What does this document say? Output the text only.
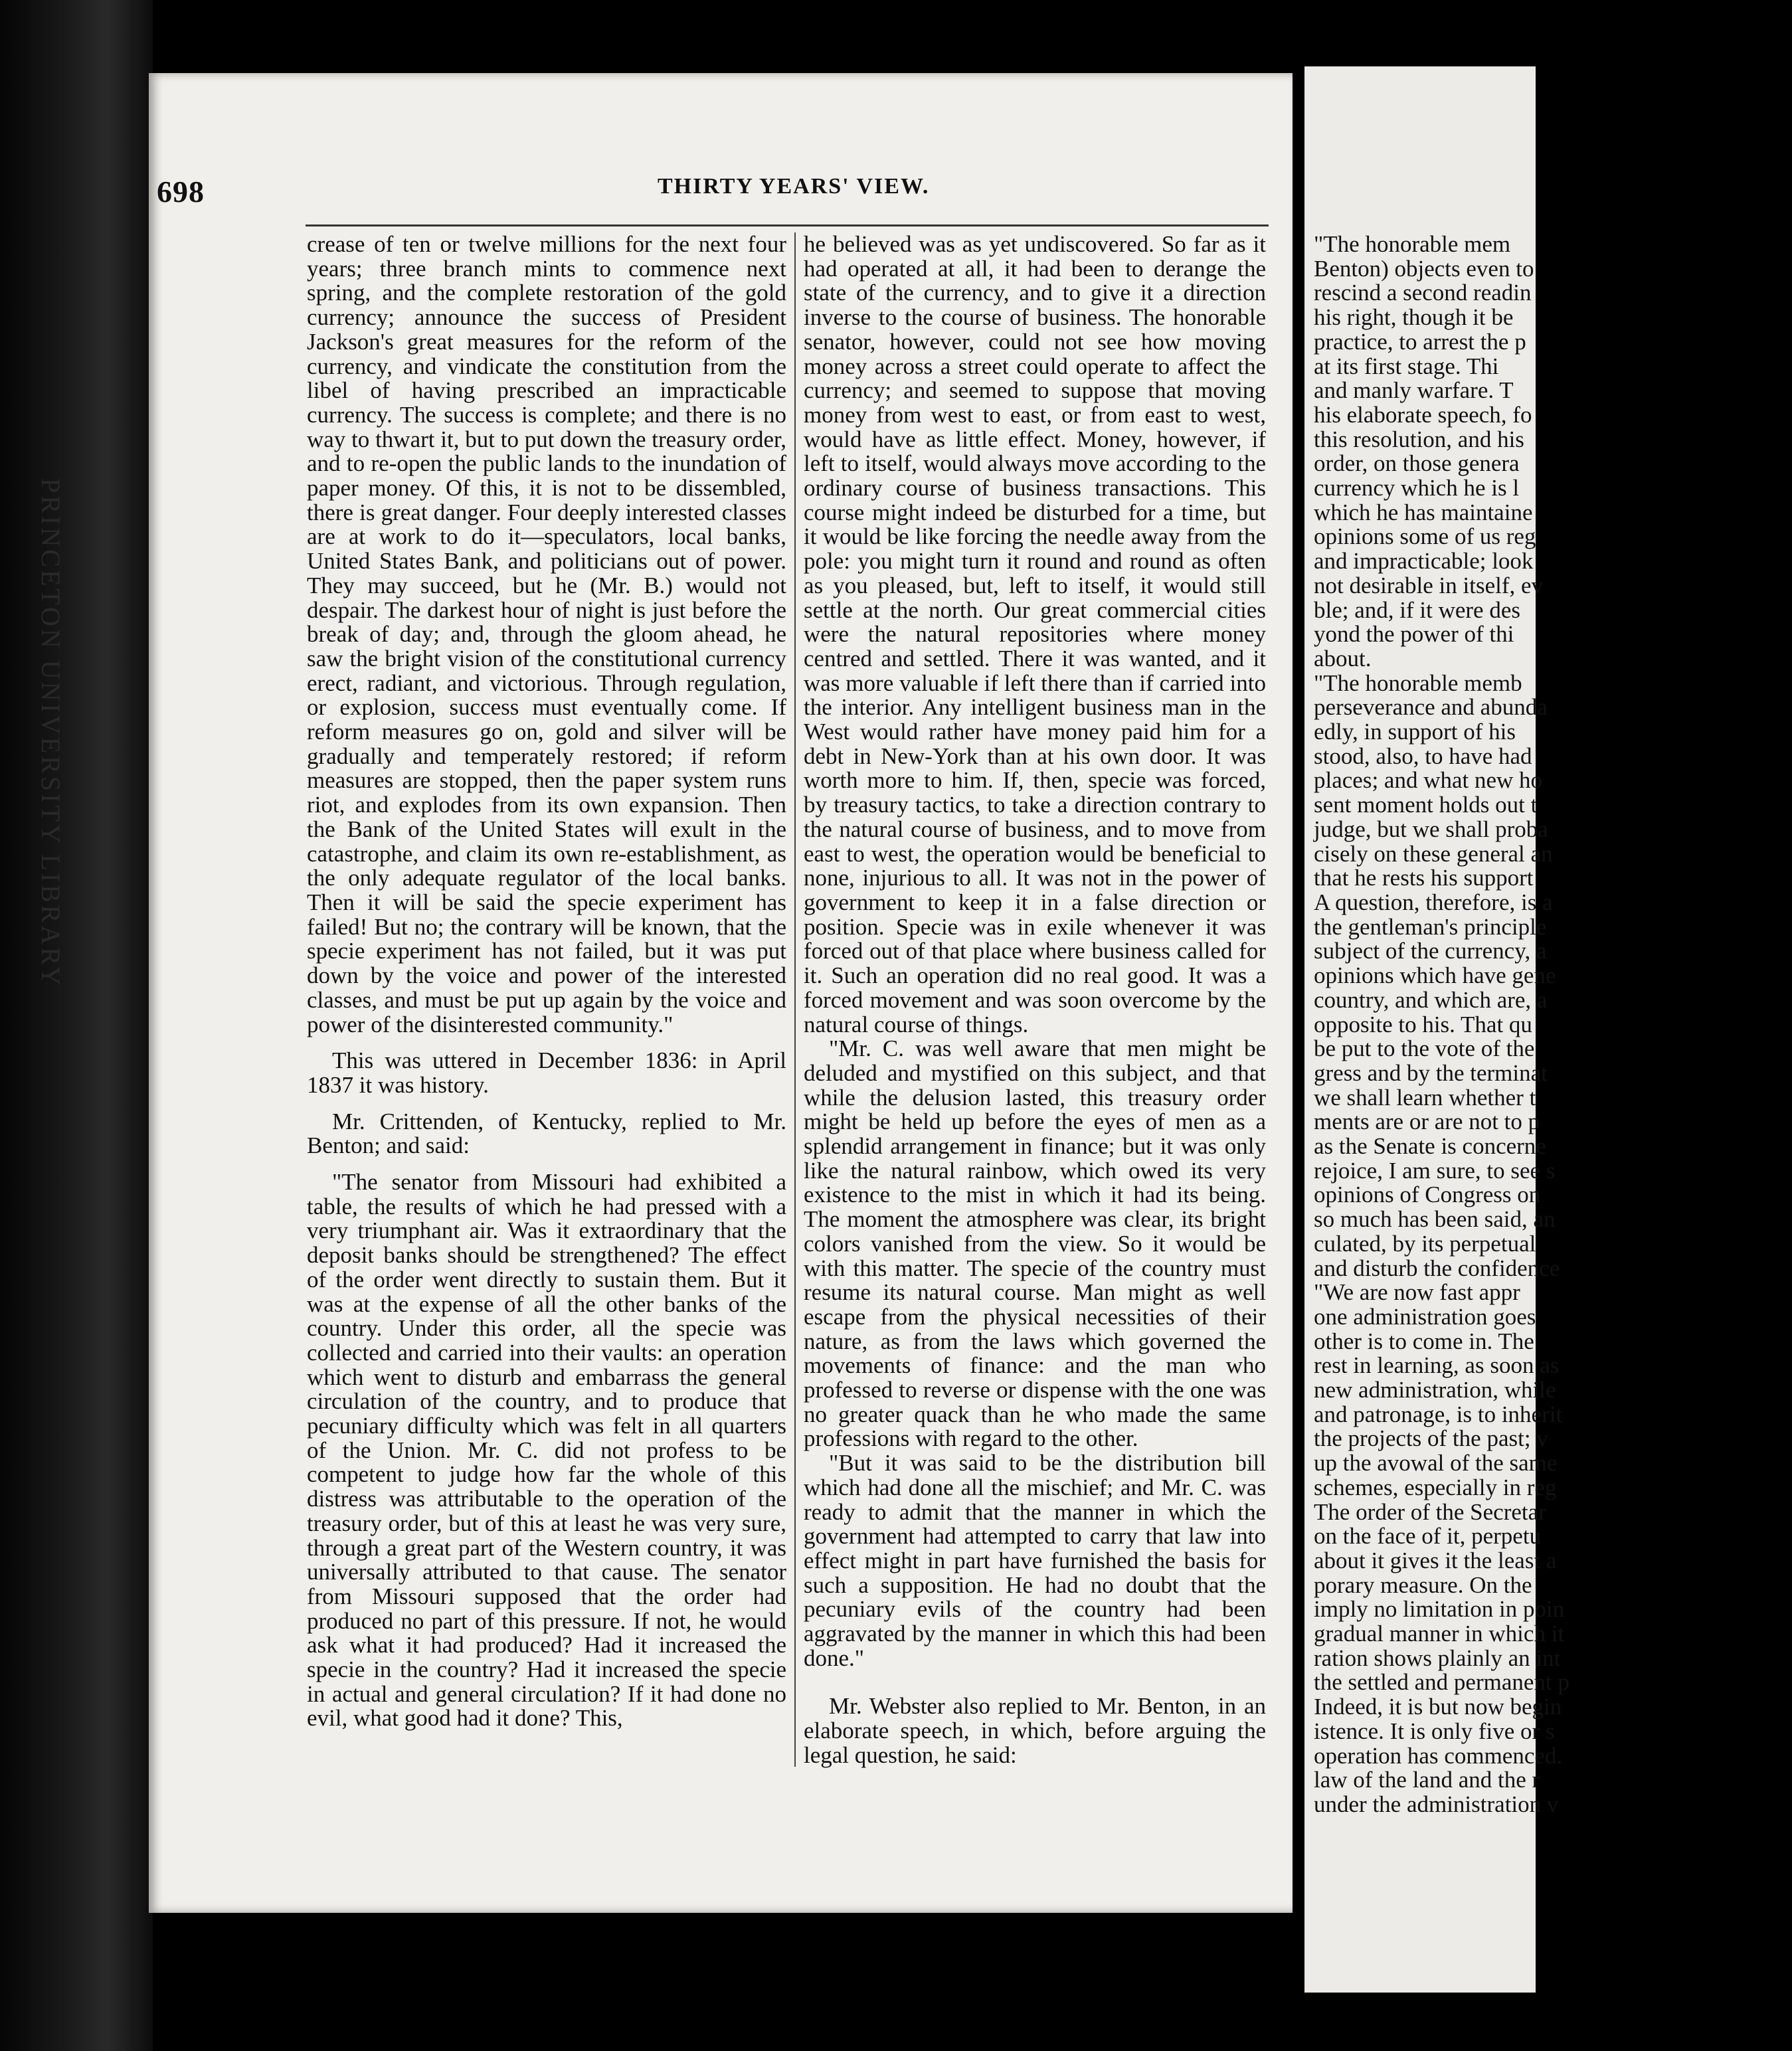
PRINCETON UNIVERSITY LIBRARY
698	THIRTY YEARS' VIEW.

crease of ten or twelve millions for the next four years; three branch mints to commence next spring, and the complete restoration of the gold currency; announce the success of President Jackson's great measures for the reform of the currency, and vindicate the constitution from the libel of having prescribed an impracticable currency. The success is complete; and there is no way to thwart it, but to put down the treasury order, and to re-open the public lands to the inundation of paper money. Of this, it is not to be dissembled, there is great danger. Four deeply interested classes are at work to do it—speculators, local banks, United States Bank, and politicians out of power. They may succeed, but he (Mr. B.) would not despair. The darkest hour of night is just before the break of day; and, through the gloom ahead, he saw the bright vision of the constitutional currency erect, radiant, and victorious. Through regulation, or explosion, success must eventually come. If reform measures go on, gold and silver will be gradually and temperately restored; if reform measures are stopped, then the paper system runs riot, and explodes from its own expansion. Then the Bank of the United States will exult in the catastrophe, and claim its own re-establishment, as the only adequate regulator of the local banks. Then it will be said the specie experiment has failed! But no; the contrary will be known, that the specie experiment has not failed, but it was put down by the voice and power of the interested classes, and must be put up again by the voice and power of the disinterested community."

This was uttered in December 1836: in April 1837 it was history.

Mr. Crittenden, of Kentucky, replied to Mr. Benton; and said:

"The senator from Missouri had exhibited a table, the results of which he had pressed with a very triumphant air. Was it extraordinary that the deposit banks should be strengthened? The effect of the order went directly to sustain them. But it was at the expense of all the other banks of the country. Under this order, all the specie was collected and carried into their vaults: an operation which went to disturb and embarrass the general circulation of the country, and to produce that pecuniary difficulty which was felt in all quarters of the Union. Mr. C. did not profess to be competent to judge how far the whole of this distress was attributable to the operation of the treasury order, but of this at least he was very sure, through a great part of the Western country, it was universally attributed to that cause. The senator from Missouri supposed that the order had produced no part of this pressure. If not, he would ask what it had produced? Had it increased the specie in the country? Had it increased the specie in actual and general circulation? If it had done no evil, what good had it done? This,

he believed was as yet undiscovered. So far as it had operated at all, it had been to derange the state of the currency, and to give it a direction inverse to the course of business. The honorable senator, however, could not see how moving money across a street could operate to affect the currency; and seemed to suppose that moving money from west to east, or from east to west, would have as little effect. Money, however, if left to itself, would always move according to the ordinary course of business transactions. This course might indeed be disturbed for a time, but it would be like forcing the needle away from the pole: you might turn it round and round as often as you pleased, but, left to itself, it would still settle at the north. Our great commercial cities were the natural repositories where money centred and settled. There it was wanted, and it was more valuable if left there than if carried into the interior. Any intelligent business man in the West would rather have money paid him for a debt in New-York than at his own door. It was worth more to him. If, then, specie was forced, by treasury tactics, to take a direction contrary to the natural course of business, and to move from east to west, the operation would be beneficial to none, injurious to all. It was not in the power of government to keep it in a false direction or position. Specie was in exile whenever it was forced out of that place where business called for it. Such an operation did no real good. It was a forced movement and was soon overcome by the natural course of things.

"Mr. C. was well aware that men might be deluded and mystified on this subject, and that while the delusion lasted, this treasury order might be held up before the eyes of men as a splendid arrangement in finance; but it was only like the natural rainbow, which owed its very existence to the mist in which it had its being. The moment the atmosphere was clear, its bright colors vanished from the view. So it would be with this matter. The specie of the country must resume its natural course. Man might as well escape from the physical necessities of their nature, as from the laws which governed the movements of finance: and the man who professed to reverse or dispense with the one was no greater quack than he who made the same professions with regard to the other.

"But it was said to be the distribution bill which had done all the mischief; and Mr. C. was ready to admit that the manner in which the government had attempted to carry that law into effect might in part have furnished the basis for such a supposition. He had no doubt that the pecuniary evils of the country had been aggravated by the manner in which this had been done."

Mr. Webster also replied to Mr. Benton, in an elaborate speech, in which, before arguing the legal question, he said:

"The honorable mem

Benton) objects even to

rescind a second readin

his right, though it be

practice, to arrest the p

at its first stage. Thi

and manly warfare. T

his elaborate speech, fo

this resolution, and his

order, on those genera

currency which he is l

which he has maintaine

opinions some of us reg

and impracticable; look

not desirable in itself, ev

ble; and, if it were des

yond the power of thi

about.

"The honorable memb

perseverance and abunda

edly, in support of his

stood, also, to have had

places; and what new ho

sent moment holds out t

judge, but we shall proba

cisely on these general an

that he rests his support

A question, therefore, is a

the gentleman's principle

subject of the currency, a

opinions which have gene

country, and which are, a

opposite to his. That qu

be put to the vote of the

gress and by the terminat

we shall learn whether t

ments are or are not to p

as the Senate is concerne

rejoice, I am sure, to see s

opinions of Congress on

so much has been said, an

culated, by its perpetual

and disturb the confidence

"We are now fast appr

one administration goes

other is to come in. The

rest in learning, as soon as

new administration, while

and patronage, is to inherit

the projects of the past; v

up the avowal of the same

schemes, especially in reg

The order of the Secretar

on the face of it, perpetu

about it gives it the least a

porary measure. On the

imply no limitation in poin

gradual manner in which it

ration shows plainly an int

the settled and permanent p

Indeed, it is but now begin

istence. It is only five or s

operation has commenced.

law of the land and the r

under the administration v
